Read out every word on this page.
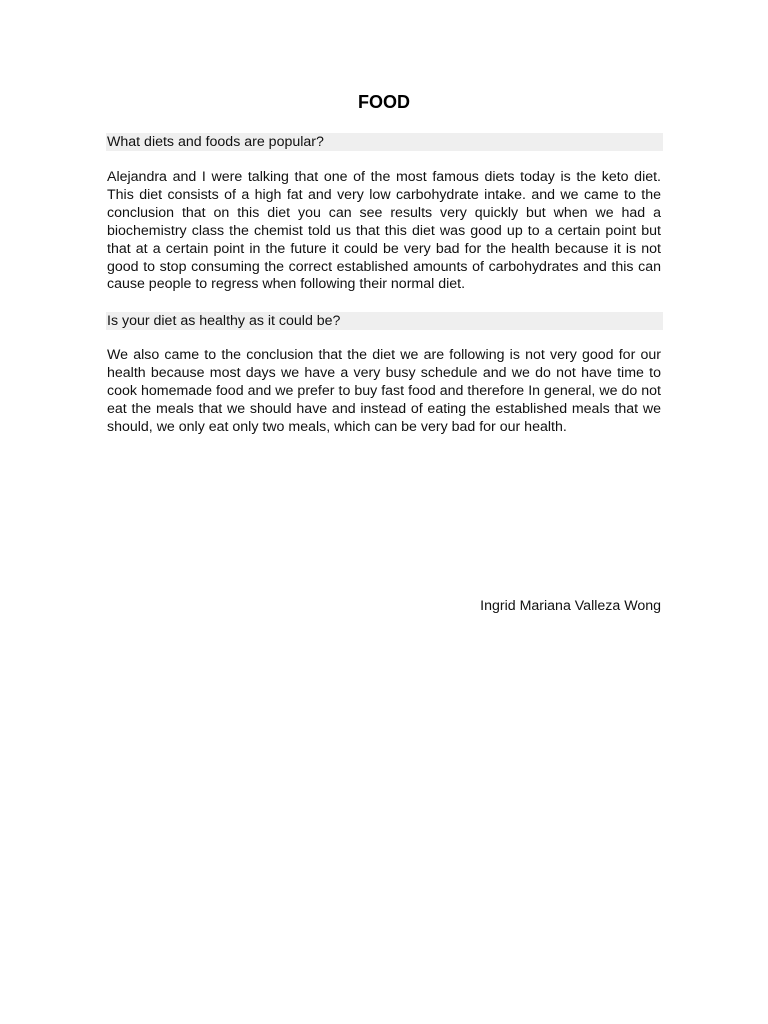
FOOD
What diets and foods are popular?
Alejandra and I were talking that one of the most famous diets today is the keto diet. This diet consists of a high fat and very low carbohydrate intake. and we came to the conclusion that on this diet you can see results very quickly but when we had a biochemistry class the chemist told us that this diet was good up to a certain point but that at a certain point in the future it could be very bad for the health because it is not good to stop consuming the correct established amounts of carbohydrates and this can cause people to regress when following their normal diet.
Is your diet as healthy as it could be?
We also came to the conclusion that the diet we are following is not very good for our health because most days we have a very busy schedule and we do not have time to cook homemade food and we prefer to buy fast food and therefore In general, we do not eat the meals that we should have and instead of eating the established meals that we should, we only eat only two meals, which can be very bad for our health.
Ingrid Mariana Valleza Wong
